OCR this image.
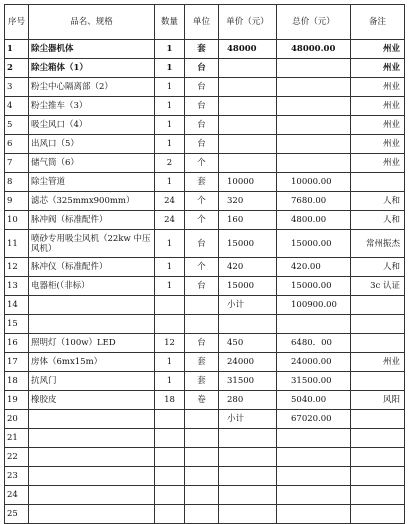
序号	品名、规格	数量	单位	单价（元）	总价（元）	备注
1	除尘器机体	1	套	48000	48000.00	州业
2	除尘箱体（1）	1	台			州业
3	粉尘中心隔离部（2）	1	台			州业
4	粉尘推车（3）	1	台			州业
5	吸尘风口（4）	1	台			州业
6	出风口（5）	1	台			州业
7	储气筒（6）	2	个			州业
8	除尘管道	1	套	10000	10000.00	
9	滤芯（325mmx900mm）	24	个	320	7680.00	人和
10	脉冲阀（标准配件）	24	个	160	4800.00	人和
11	喷砂专用吸尘风机（22kw 中压风机）	1	台	15000	15000.00	常州振杰
12	脉冲仪（标准配件）	1	个	420	420.00	人和
13	电器柜(（非标）	1	台	15000	15000.00	3c 认证
14				小计	100900.00	
15						
16	照明灯（100w）LED	12	台	450	6480．00	
17	房体（6mx15m）	1	套	24000	24000.00	州业
18	抗风门	1	套	31500	31500.00	
19	橡胶皮	18	卷	280	5040.00	风阳
20				小计	67020.00	
21						
22						
23						
24						
25						
